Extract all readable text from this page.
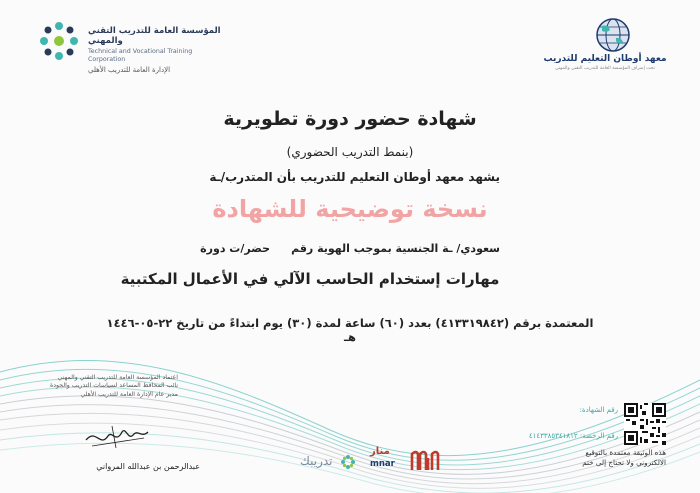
المؤسسة العامة للتدريب التقني والمهني
Technical and Vocational Training Corporation
الإدارة العامة للتدريب الأهلي
معهد أوطان التعليم للتدريب
تحت إشراف المؤسسة العامة للتدريب التقني والمهني
شهادة حضور دورة تطويرية
(بنمط التدريب الحضوري)
يشهد معهد أوطان التعليم للتدريب بأن المتدرب/ـة
نسخة توضيحية للشهادة
سعودي/ ـة الجنسية بموجب الهوية رقم
حضر/ت دورة
مهارات إستخدام الحاسب الآلي في الأعمال المكتبية
المعتمدة برقم (٤١٣٣١٩٨٤٢) بعدد (٦٠) ساعة لمدة (٣٠) يوم ابتداءً من تاريخ ٢٢-٠٥-١٤٤٦ هـ
اعتماد المؤسسة العامة للتدريب التقني والمهني
نائب المحافظ المساعد لسياسات التدريب والجودة
مدير عام الإدارة العامة للتدريب الأهلي
عبدالرحمن بن عبدالله المرواني	تدريبك
منار
mnar
رقم الشهادة:
رقم الرخصة: ٤١٤٣٣٨٥٣٤١٨١٢
هذه الوثيقة معتمدة بالتوقيع
الالكتروني ولا تحتاج إلى ختم
